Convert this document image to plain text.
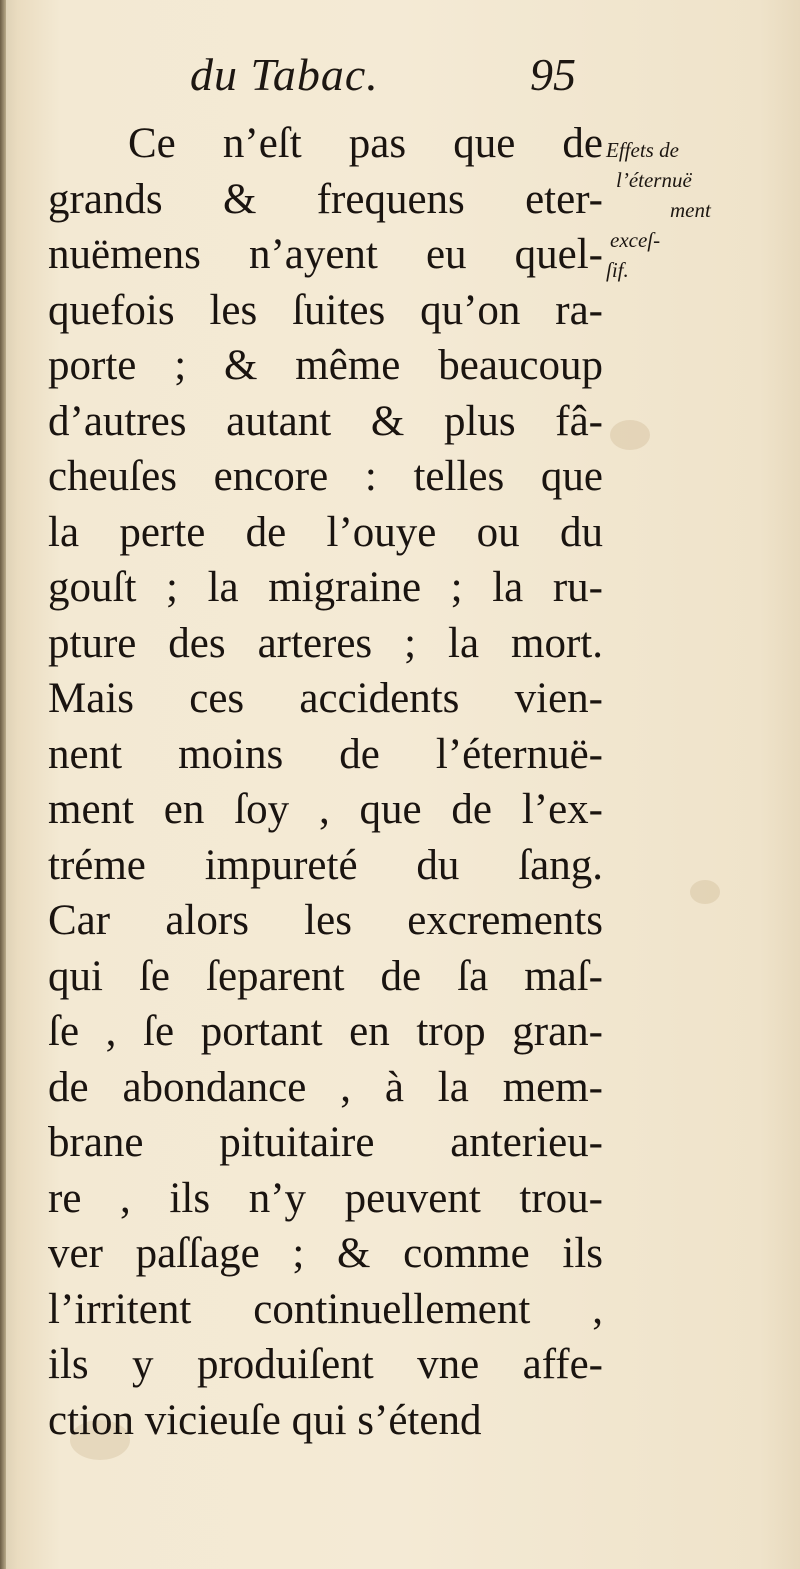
du Tabac.	95
Ce n’eſt pas que de
grands & frequens eter-
nuëmens n’ayent eu quel-
quefois les ſuites qu’on ra-
porte ; & même beaucoup
d’autres autant & plus fâ-
cheuſes encore : telles que
la perte de l’ouye ou du
gouſt ; la migraine ; la ru-
pture des arteres ; la mort.
Mais ces accidents vien-
nent moins de l’éternuë-
ment en ſoy , que de l’ex-
tréme impureté du ſang.
Car alors les excrements
qui ſe ſeparent de ſa maſ-
ſe , ſe portant en trop gran-
de abondance , à la mem-
brane pituitaire anterieu-
re , ils n’y peuvent trou-
ver paſſage ; & comme ils
l’irritent continuellement ,
ils y produiſent vne affe-
ction vicieuſe qui s’étend
Effets de
l’éternuë
ment
exceſ-
ſif.
